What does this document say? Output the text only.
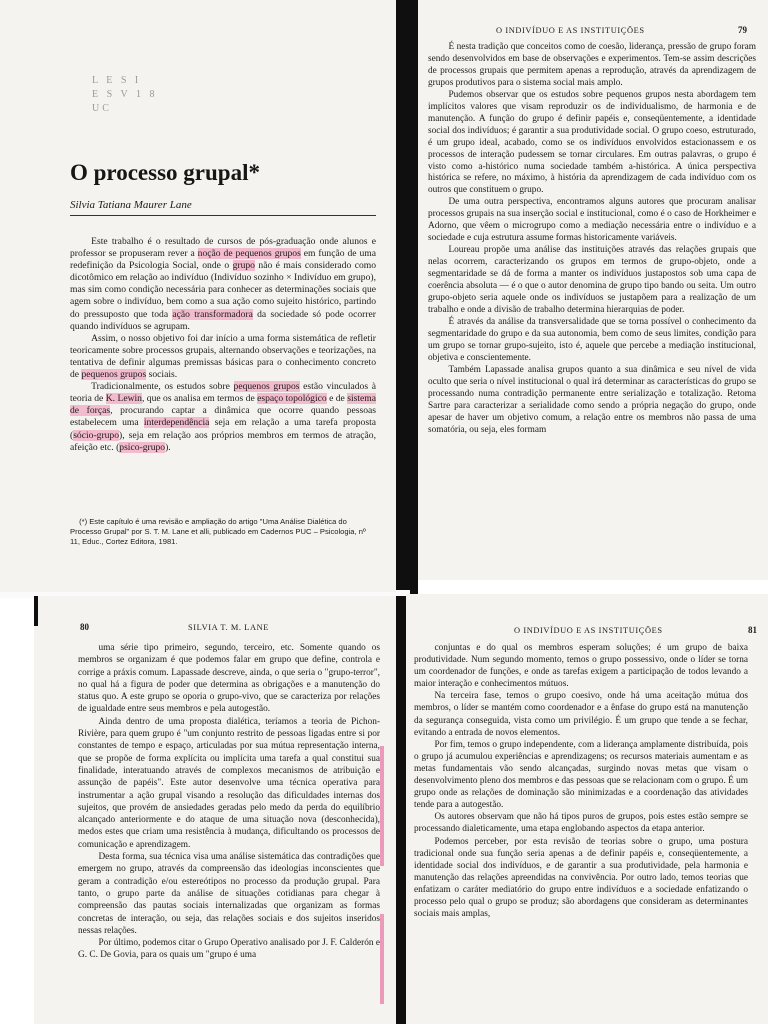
L E S I
E S V 1 8
UC
O processo grupal*
Silvia Tatiana Maurer Lane

Este trabalho é o resultado de cursos de pós-graduação onde alunos e professor se propuseram rever a noção de pequenos grupos em função de uma redefinição da Psicologia Social, onde o grupo não é mais considerado como dicotômico em relação ao indivíduo (Indivíduo sozinho × Indivíduo em grupo), mas sim como condição necessária para conhecer as determinações sociais que agem sobre o indivíduo, bem como a sua ação como sujeito histórico, partindo do pressuposto que toda ação transformadora da sociedade só pode ocorrer quando indivíduos se agrupam.

Assim, o nosso objetivo foi dar início a uma forma sistemática de refletir teoricamente sobre processos grupais, alternando observações e teorizações, na tentativa de definir algumas premissas básicas para o conhecimento concreto de pequenos grupos sociais.

Tradicionalmente, os estudos sobre pequenos grupos estão vinculados à teoria de K. Lewin, que os analisa em termos de espaço topológico e de sistema de forças, procurando captar a dinâmica que ocorre quando pessoas estabelecem uma interdependência seja em relação a uma tarefa proposta (sócio-grupo), seja em relação aos próprios membros em termos de atração, afeição etc. (psico-grupo).

(*) Este capítulo é uma revisão e ampliação do artigo "Uma Análise Dialética do Processo Grupal" por S. T. M. Lane et alli, publicado em Cadernos PUC – Psicologia, nº 11, Educ., Cortez Editora, 1981.

O INDIVÍDUO E AS INSTITUIÇÕES	79

É nesta tradição que conceitos como de coesão, liderança, pressão de grupo foram sendo desenvolvidos em base de observações e experimentos. Tem-se assim descrições de processos grupais que permitem apenas a reprodução, através da aprendizagem de grupos produtivos para o sistema social mais amplo.

Pudemos observar que os estudos sobre pequenos grupos nesta abordagem tem implícitos valores que visam reproduzir os de individualismo, de harmonia e de manutenção. A função do grupo é definir papéis e, conseqüentemente, a identidade social dos indivíduos; é garantir a sua produtividade social. O grupo coeso, estruturado, é um grupo ideal, acabado, como se os indivíduos envolvidos estacionassem e os processos de interação pudessem se tornar circulares. Em outras palavras, o grupo é visto como a-histórico numa sociedade também a-histórica. A única perspectiva histórica se refere, no máximo, à história da aprendizagem de cada indivíduo com os outros que constituem o grupo.

De uma outra perspectiva, encontramos alguns autores que procuram analisar processos grupais na sua inserção social e institucional, como é o caso de Horkheimer e Adorno, que vêem o microgrupo como a mediação necessária entre o indivíduo e a sociedade e cuja estrutura assume formas historicamente variáveis.

Loureau propõe uma análise das instituições através das relações grupais que nelas ocorrem, caracterizando os grupos em termos de grupo-objeto, onde a segmentaridade se dá de forma a manter os indivíduos justapostos sob uma capa de coerência absoluta — é o que o autor denomina de grupo tipo bando ou seita. Um outro grupo-objeto seria aquele onde os indivíduos se justapõem para a realização de um trabalho e onde a divisão de trabalho determina hierarquias de poder.

É através da análise da transversalidade que se torna possível o conhecimento da segmentaridade do grupo e da sua autonomia, bem como de seus limites, condição para um grupo se tornar grupo-sujeito, isto é, aquele que percebe a mediação institucional, objetiva e conscientemente.

Também Lapassade analisa grupos quanto a sua dinâmica e seu nível de vida oculto que seria o nível institucional o qual irá determinar as características do grupo se processando numa contradição permanente entre serialização e totalização. Retoma Sartre para caracterizar a serialidade como sendo a própria negação do grupo, onde apesar de haver um objetivo comum, a relação entre os membros não passa de uma somatória, ou seja, eles formam

80	SILVIA T. M. LANE

uma série tipo primeiro, segundo, terceiro, etc. Somente quando os membros se organizam é que podemos falar em grupo que define, controla e corrige a práxis comum. Lapassade descreve, ainda, o que seria o "grupo-terror", no qual há a figura de poder que determina as obrigações e a manutenção do status quo. A este grupo se oporia o grupo-vivo, que se caracteriza por relações de igualdade entre seus membros e pela autogestão.

Ainda dentro de uma proposta dialética, teríamos a teoria de Pichon-Rivière, para quem grupo é "um conjunto restrito de pessoas ligadas entre si por constantes de tempo e espaço, articuladas por sua mútua representação interna, que se propõe de forma explícita ou implícita uma tarefa a qual constitui sua finalidade, interatuando através de complexos mecanismos de atribuição e assunção de papéis". Este autor desenvolve uma técnica operativa para instrumentar a ação grupal visando a resolução das dificuldades internas dos sujeitos, que provém de ansiedades geradas pelo medo da perda do equilíbrio alcançado anteriormente e do ataque de uma situação nova (desconhecida), medos estes que criam uma resistência à mudança, dificultando os processos de comunicação e aprendizagem.

Desta forma, sua técnica visa uma análise sistemática das contradições que emergem no grupo, através da compreensão das ideologias inconscientes que geram a contradição e/ou estereótipos no processo da produção grupal. Para tanto, o grupo parte da análise de situações cotidianas para chegar à compreensão das pautas sociais internalizadas que organizam as formas concretas de interação, ou seja, das relações sociais e dos sujeitos inseridos nessas relações.

Por último, podemos citar o Grupo Operativo analisado por J. F. Calderón e G. C. De Govia, para os quais um "grupo é uma

O INDIVÍDUO E AS INSTITUIÇÕES	81

conjuntas e do qual os membros esperam soluções; é um grupo de baixa produtividade. Num segundo momento, temos o grupo possessivo, onde o líder se torna um coordenador de funções, e onde as tarefas exigem a participação de todos levando a maior interação e conhecimentos mútuos.

Na terceira fase, temos o grupo coesivo, onde há uma aceitação mútua dos membros, o líder se mantém como coordenador e a ênfase do grupo está na manutenção da segurança conseguida, vista como um privilégio. É um grupo que tende a se fechar, evitando a entrada de novos elementos.

Por fim, temos o grupo independente, com a liderança amplamente distribuída, pois o grupo já acumulou experiências e aprendizagens; os recursos materiais aumentam e as metas fundamentais vão sendo alcançadas, surgindo novas metas que visam o desenvolvimento pleno dos membros e das pessoas que se relacionam com o grupo. É um grupo onde as relações de dominação são minimizadas e a coordenação das atividades tende para a autogestão.

Os autores observam que não há tipos puros de grupos, pois estes estão sempre se processando dialeticamente, uma etapa englobando aspectos da etapa anterior.

Podemos perceber, por esta revisão de teorias sobre o grupo, uma postura tradicional onde sua função seria apenas a de definir papéis e, conseqüentemente, a identidade social dos indivíduos, e de garantir a sua produtividade, pela harmonia e manutenção das relações apreendidas na convivência. Por outro lado, temos teorias que enfatizam o caráter mediatório do grupo entre indivíduos e a sociedade enfatizando o processo pelo qual o grupo se produz; são abordagens que consideram as determinantes sociais mais amplas,
